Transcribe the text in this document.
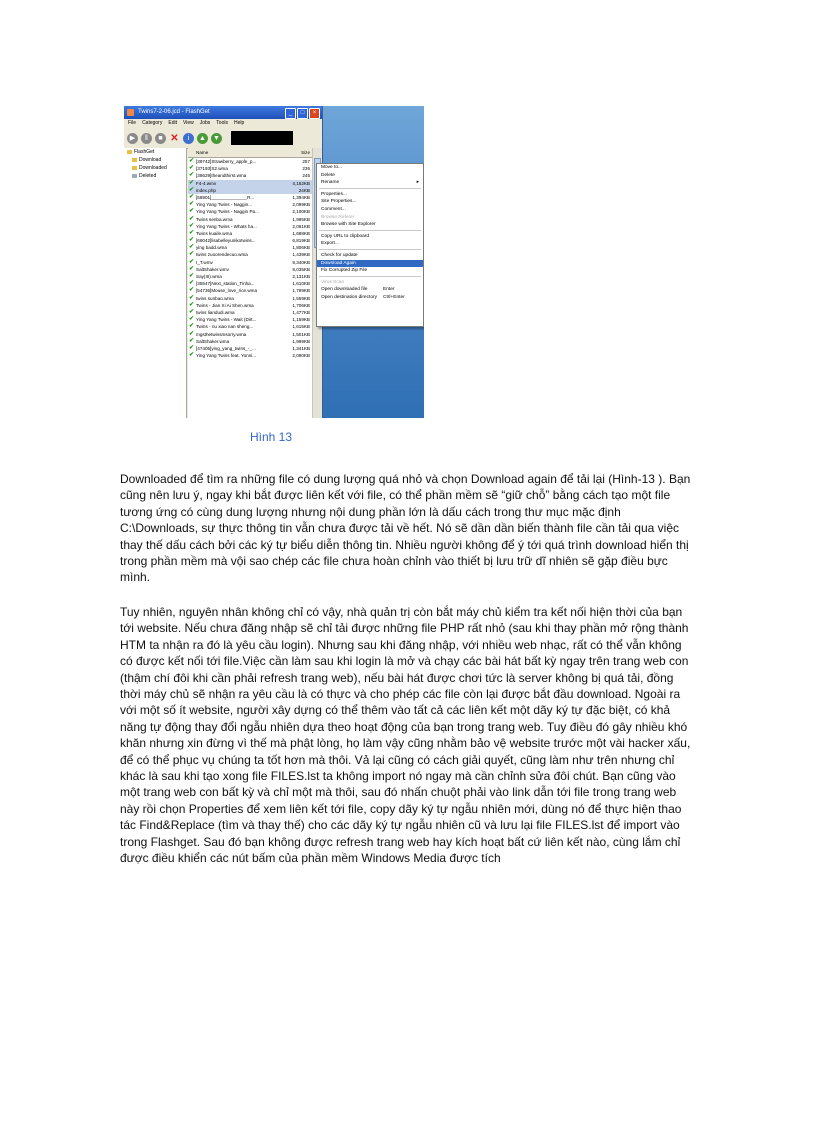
Twins7-2-06.jcd - FlashGet	_	□	×
File Category Edit View Jobs Tools Help
▶	‖	■ ✕	i	▲ ▼
FlashGet
Download
Downloaded
Deleted
Name	Size
✔ [39742]Strawberry_apple_p...	257
✔ [37193]S2.wma	236
✔ [38629]theandthirst.wma	245
✔ F4-4.wmv	4,162KB
✔ index.php	24KB
✔ [58901]______________R...	1,394KB
✔ Ying Yang Twins - Naggin...	2,099KB
✔ Ying Yang Twins - Naggin Pa...	2,100KB
✔ Twins senba.wma	1,995KB
✔ Ying Yang Twins - Whats ha...	2,061KB
✔ Twins kuaile.wma	1,688KB
✔ [66042]lisabelleyunikotwins...	6,819KB
✔ ying badd.wma	1,806KB
✔ twins zuoorendecuo.wma	1,439KB
✔ I_T.wmv	9,340KB
✔ SaltShaker.wmv	9,035KB
✔ Say(III).wma	2,131KB
✔ [35547]Next_station_Tinha...	1,610KB
✔ [54736]Mouse_love_rice.wma	1,799KB
✔ twins sunbao.wma	1,559KB
✔ Twins - Jian Xi Ai Shen.wma	1,706KB
✔ twins liandudi.wma	1,477KB
✔ Ying Yang Twins - Wait (Dirt...	1,159KB
✔ Twins - nu xiao nan sheng...	1,615KB
✔ mgsthetwinsmsorry.wma	1,501KB
✔ SaltShaker.wma	1,999KB
✔ [47405]ying_yang_twins_-_...	1,341KB
✔ Ying Yang Twins feat. Yonni...	2,090KB
Move to...
Delete
Rename	▸
Properties...
Site Properties...
Comment...
Browse Referer
Browse with Site Explorer
Copy URL to clipboard
Export...
Check for update
Download Again
Fix Corrupted Zip File
Virus Scan
Open downloaded file	Enter
Open destination directory Ctrl+Enter
Hình 13
Downloaded để tìm ra những file có dung lượng quá nhỏ và chọn Download again để tải lại (Hình-13 ). Bạn cũng nên lưu ý, ngay khi bắt được liên kết với file, có thể phần mềm sẽ “giữ chỗ” bằng cách tạo một file tương ứng có cùng dung lượng nhưng nội dung phần lớn là dấu cách trong thư mục mặc định C:\Downloads, sự thực thông tin vẫn chưa được tải về hết. Nó sẽ dần dần biến thành file cần tải qua việc thay thế dấu cách bởi các ký tự biểu diễn thông tin. Nhiều người không để ý tới quá trình download hiển thị trong phần mềm mà vội sao chép các file chưa hoàn chỉnh vào thiết bị lưu trữ dĩ nhiên sẽ gặp điều bực mình.
Tuy nhiên, nguyên nhân không chỉ có vậy, nhà quản trị còn bắt máy chủ kiểm tra kết nối hiện thời của bạn tới website. Nếu chưa đăng nhập sẽ chỉ tải được những file PHP rất nhỏ (sau khi thay phần mở rộng thành HTM ta nhận ra đó là yêu cầu login). Nhưng sau khi đăng nhập, với nhiều web nhạc, rất có thể vẫn không có được kết nối tới file.Việc cần làm sau khi login là mở và chạy các bài hát bất kỳ ngay trên trang web con (thậm chí đôi khi cần phải refresh trang web), nếu bài hát được chơi tức là server không bị quá tải, đồng thời máy chủ sẽ nhận ra yêu cầu là có thực và cho phép các file còn lại được bắt đầu download. Ngoài ra với một số ít website, người xây dựng có thể thêm vào tất cả các liên kết một dãy ký tự đặc biệt, có khả năng tự động thay đổi ngẫu nhiên dựa theo hoạt động của bạn trong trang web. Tuy điều đó gây nhiều khó khăn nhưng xin đừng vì thế mà phật lòng, họ làm vậy cũng nhằm bảo vệ website trước một vài hacker xấu, để có thể phục vụ chúng ta tốt hơn mà thôi. Vả lại cũng có cách giải quyết, cũng làm như trên nhưng chỉ khác là sau khi tạo xong file FILES.lst ta không import nó ngay mà cần chỉnh sửa đôi chút. Bạn cũng vào một trang web con bất kỳ và chỉ một mà thôi, sau đó nhấn chuột phải vào link dẫn tới file trong trang web này rồi chọn Properties để xem liên kết tới file, copy dãy ký tự ngẫu nhiên mới, dùng nó để thực hiện thao tác Find&Replace (tìm và thay thế) cho các dãy ký tự ngẫu nhiên cũ và lưu lại file FILES.lst để import vào trong Flashget. Sau đó bạn không được refresh trang web hay kích hoạt bất cứ liên kết nào, cùng lắm chỉ được điều khiển các nút bấm của phần mềm Windows Media được tích
